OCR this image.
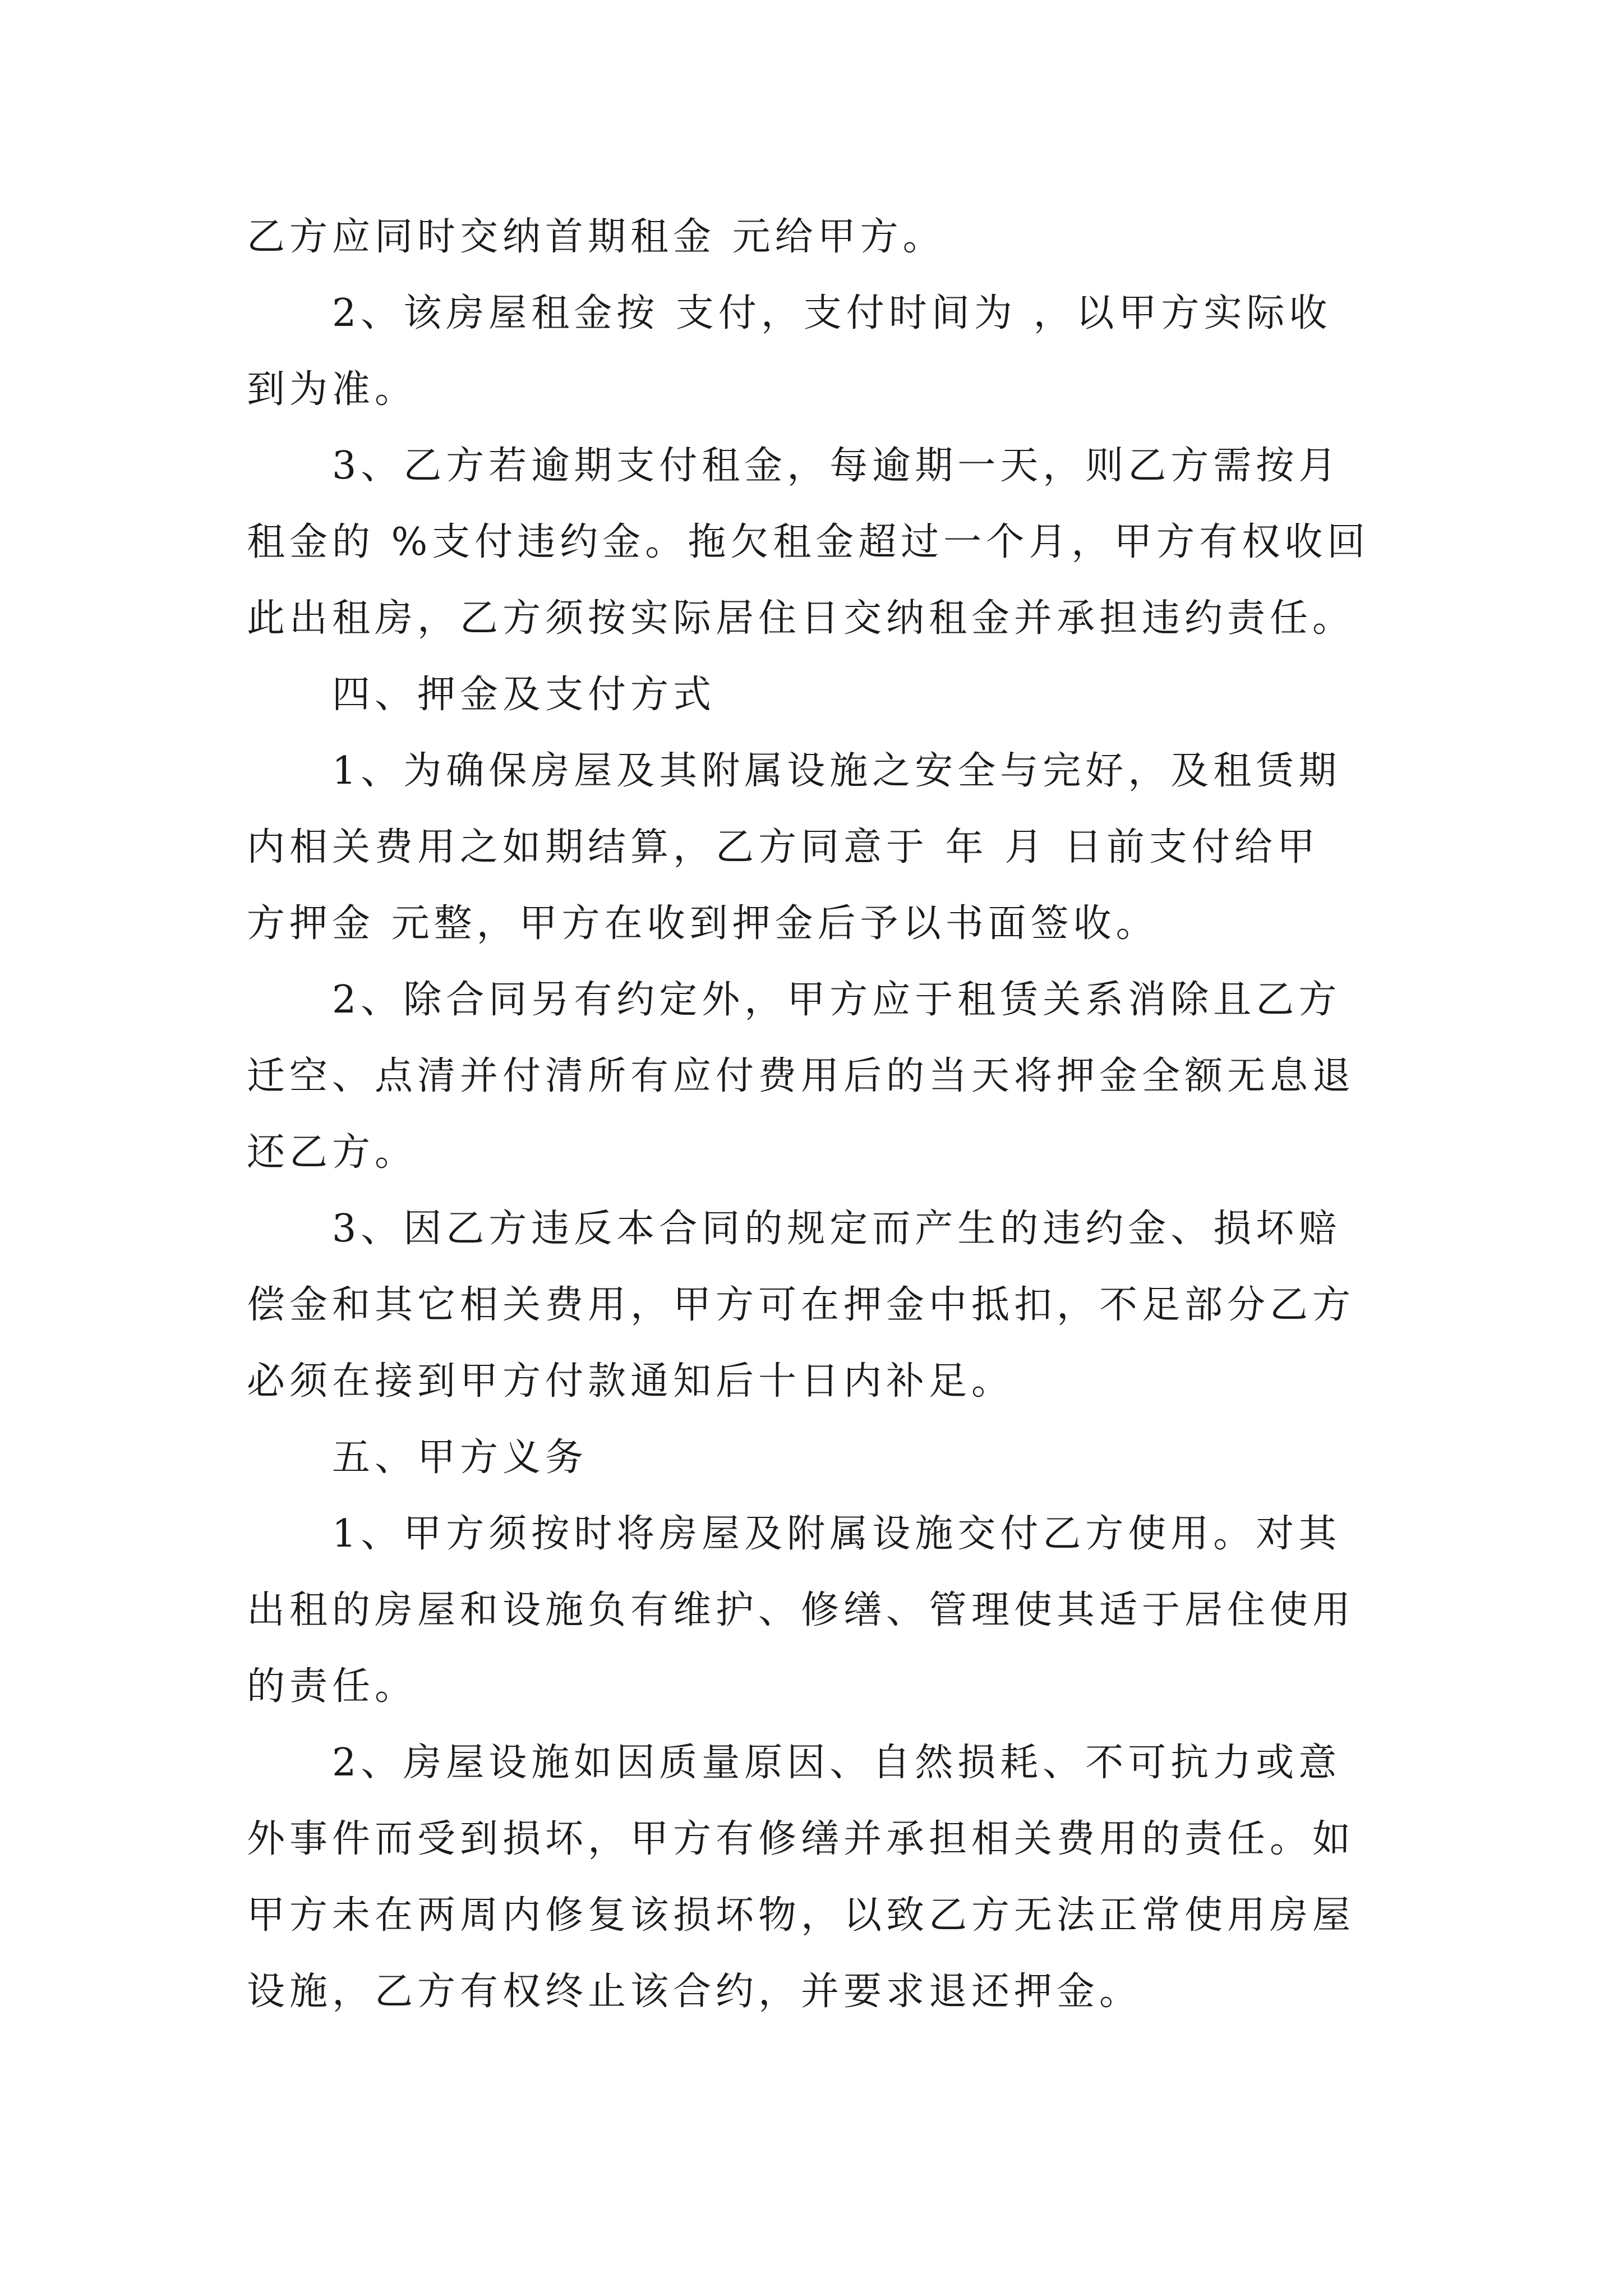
乙方应同时交纳首期租金 元给甲方。
2、该房屋租金按 支付，支付时间为 ，以甲方实际收
到为准。
3、乙方若逾期支付租金，每逾期一天，则乙方需按月
租金的 %支付违约金。拖欠租金超过一个月，甲方有权收回
此出租房，乙方须按实际居住日交纳租金并承担违约责任。
四、押金及支付方式
1、为确保房屋及其附属设施之安全与完好，及租赁期
内相关费用之如期结算，乙方同意于 年 月 日前支付给甲
方押金 元整，甲方在收到押金后予以书面签收。
2、除合同另有约定外，甲方应于租赁关系消除且乙方
迁空、点清并付清所有应付费用后的当天将押金全额无息退
还乙方。
3、因乙方违反本合同的规定而产生的违约金、损坏赔
偿金和其它相关费用，甲方可在押金中抵扣，不足部分乙方
必须在接到甲方付款通知后十日内补足。
五、甲方义务
1、甲方须按时将房屋及附属设施交付乙方使用。对其
出租的房屋和设施负有维护、修缮、管理使其适于居住使用
的责任。
2、房屋设施如因质量原因、自然损耗、不可抗力或意
外事件而受到损坏，甲方有修缮并承担相关费用的责任。如
甲方未在两周内修复该损坏物，以致乙方无法正常使用房屋
设施，乙方有权终止该合约，并要求退还押金。
